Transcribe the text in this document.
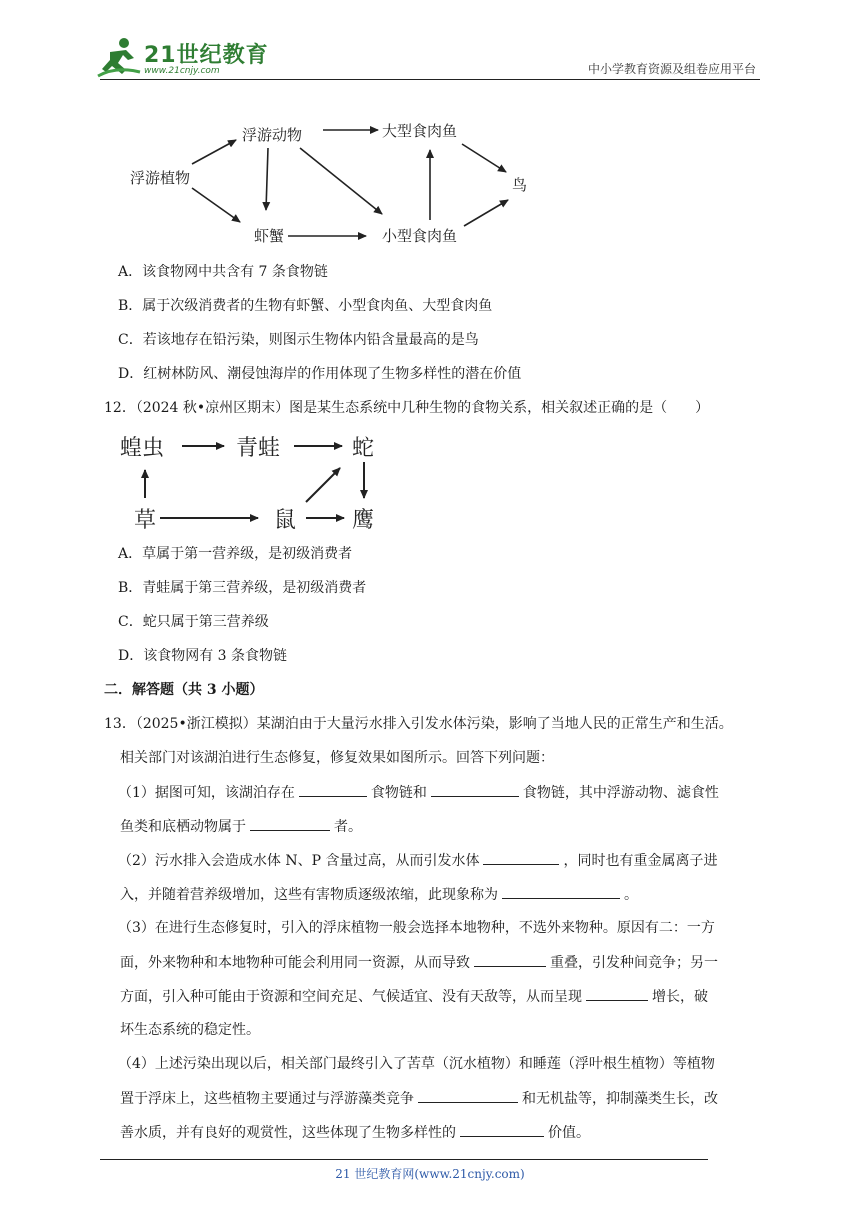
21世纪教育
www.21cnjy.com	中小学教育资源及组卷应用平台
浮游植物
浮游动物	大型食肉鱼
鸟
虾蟹	小型食肉鱼
A．该食物网中共含有 7 条食物链
B．属于次级消费者的生物有虾蟹、小型食肉鱼、大型食肉鱼
C．若该地存在铅污染，则图示生物体内铅含量最高的是鸟
D．红树林防风、潮侵蚀海岸的作用体现了生物多样性的潜在价值
12．（2024 秋•凉州区期末）图是某生态系统中几种生物的食物关系，相关叙述正确的是（　　）
蝗虫	青蛙	蛇
草	鼠	鹰
A．草属于第一营养级，是初级消费者
B．青蛙属于第三营养级，是初级消费者
C．蛇只属于第三营养级
D．该食物网有 3 条食物链
二．解答题（共 3 小题）
13．（2025•浙江模拟）某湖泊由于大量污水排入引发水体污染，影响了当地人民的正常生产和生活。
相关部门对该湖泊进行生态修复，修复效果如图所示。回答下列问题：
（1）据图可知，该湖泊存在	食物链和	食物链，其中浮游动物、滤食性
鱼类和底栖动物属于	者。
（2）污水排入会造成水体 N、P 含量过高，从而引发水体	，同时也有重金属离子进
入，并随着营养级增加，这些有害物质逐级浓缩，此现象称为	。
（3）在进行生态修复时，引入的浮床植物一般会选择本地物种，不选外来物种。原因有二：一方
面，外来物种和本地物种可能会利用同一资源，从而导致	重叠，引发种间竞争；另一
方面，引入种可能由于资源和空间充足、气候适宜、没有天敌等，从而呈现	增长，破
坏生态系统的稳定性。
（4）上述污染出现以后，相关部门最终引入了苦草（沉水植物）和睡莲（浮叶根生植物）等植物
置于浮床上，这些植物主要通过与浮游藻类竞争	和无机盐等，抑制藻类生长，改
善水质，并有良好的观赏性，这些体现了生物多样性的	价值。
21 世纪教育网(www.21cnjy.com)
